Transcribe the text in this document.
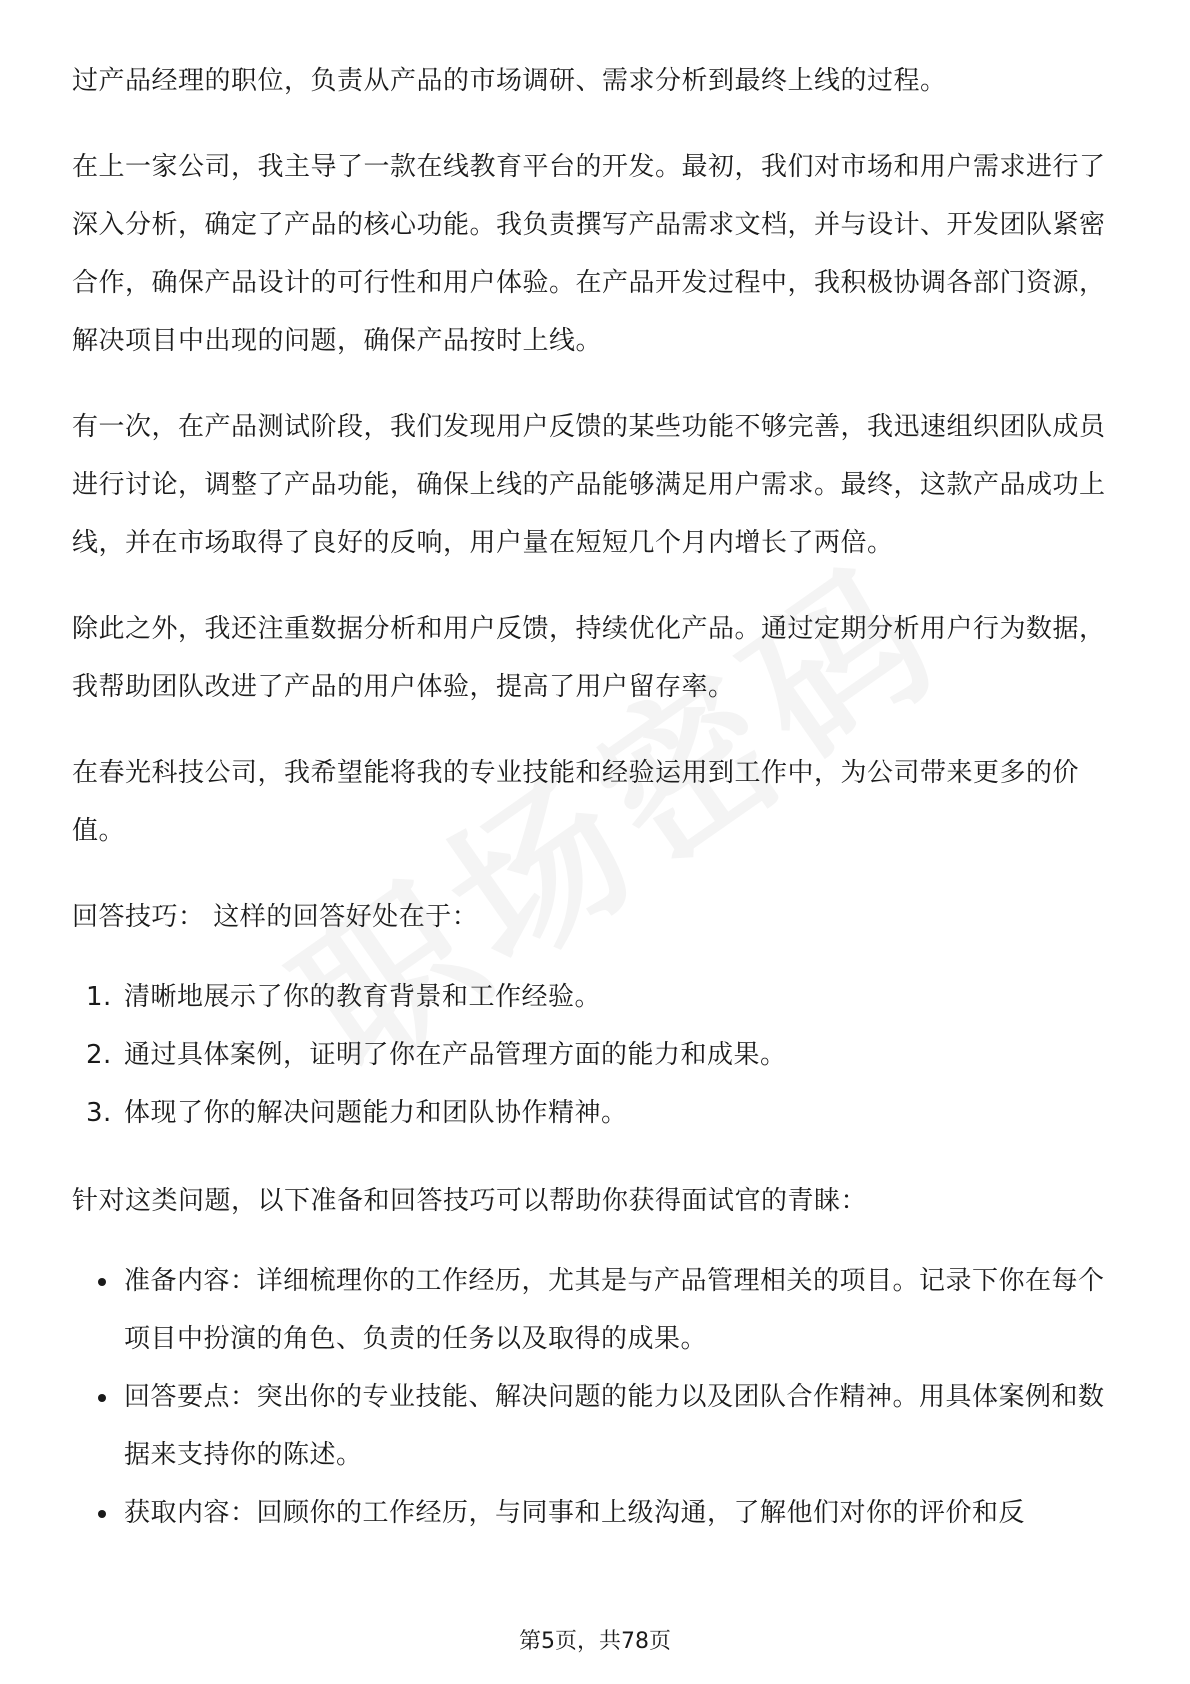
过产品经理的职位，负责从产品的市场调研、需求分析到最终上线的过程。

在上一家公司，我主导了一款在线教育平台的开发。最初，我们对市场和用户需求进行了深入分析，确定了产品的核心功能。我负责撰写产品需求文档，并与设计、开发团队紧密合作，确保产品设计的可行性和用户体验。在产品开发过程中，我积极协调各部门资源，解决项目中出现的问题，确保产品按时上线。

有一次，在产品测试阶段，我们发现用户反馈的某些功能不够完善，我迅速组织团队成员进行讨论，调整了产品功能，确保上线的产品能够满足用户需求。最终，这款产品成功上线，并在市场取得了良好的反响，用户量在短短几个月内增长了两倍。

除此之外，我还注重数据分析和用户反馈，持续优化产品。通过定期分析用户行为数据，我帮助团队改进了产品的用户体验，提高了用户留存率。

在春光科技公司，我希望能将我的专业技能和经验运用到工作中，为公司带来更多的价值。

回答技巧： 这样的回答好处在于：

1. 清晰地展示了你的教育背景和工作经验。
2. 通过具体案例，证明了你在产品管理方面的能力和成果。
3. 体现了你的解决问题能力和团队协作精神。

针对这类问题，以下准备和回答技巧可以帮助你获得面试官的青睐：

准备内容：详细梳理你的工作经历，尤其是与产品管理相关的项目。记录下你在每个项目中扮演的角色、负责的任务以及取得的成果。
回答要点：突出你的专业技能、解决问题的能力以及团队合作精神。用具体案例和数据来支持你的陈述。
获取内容：回顾你的工作经历，与同事和上级沟通，了解他们对你的评价和反
第5页，共78页
